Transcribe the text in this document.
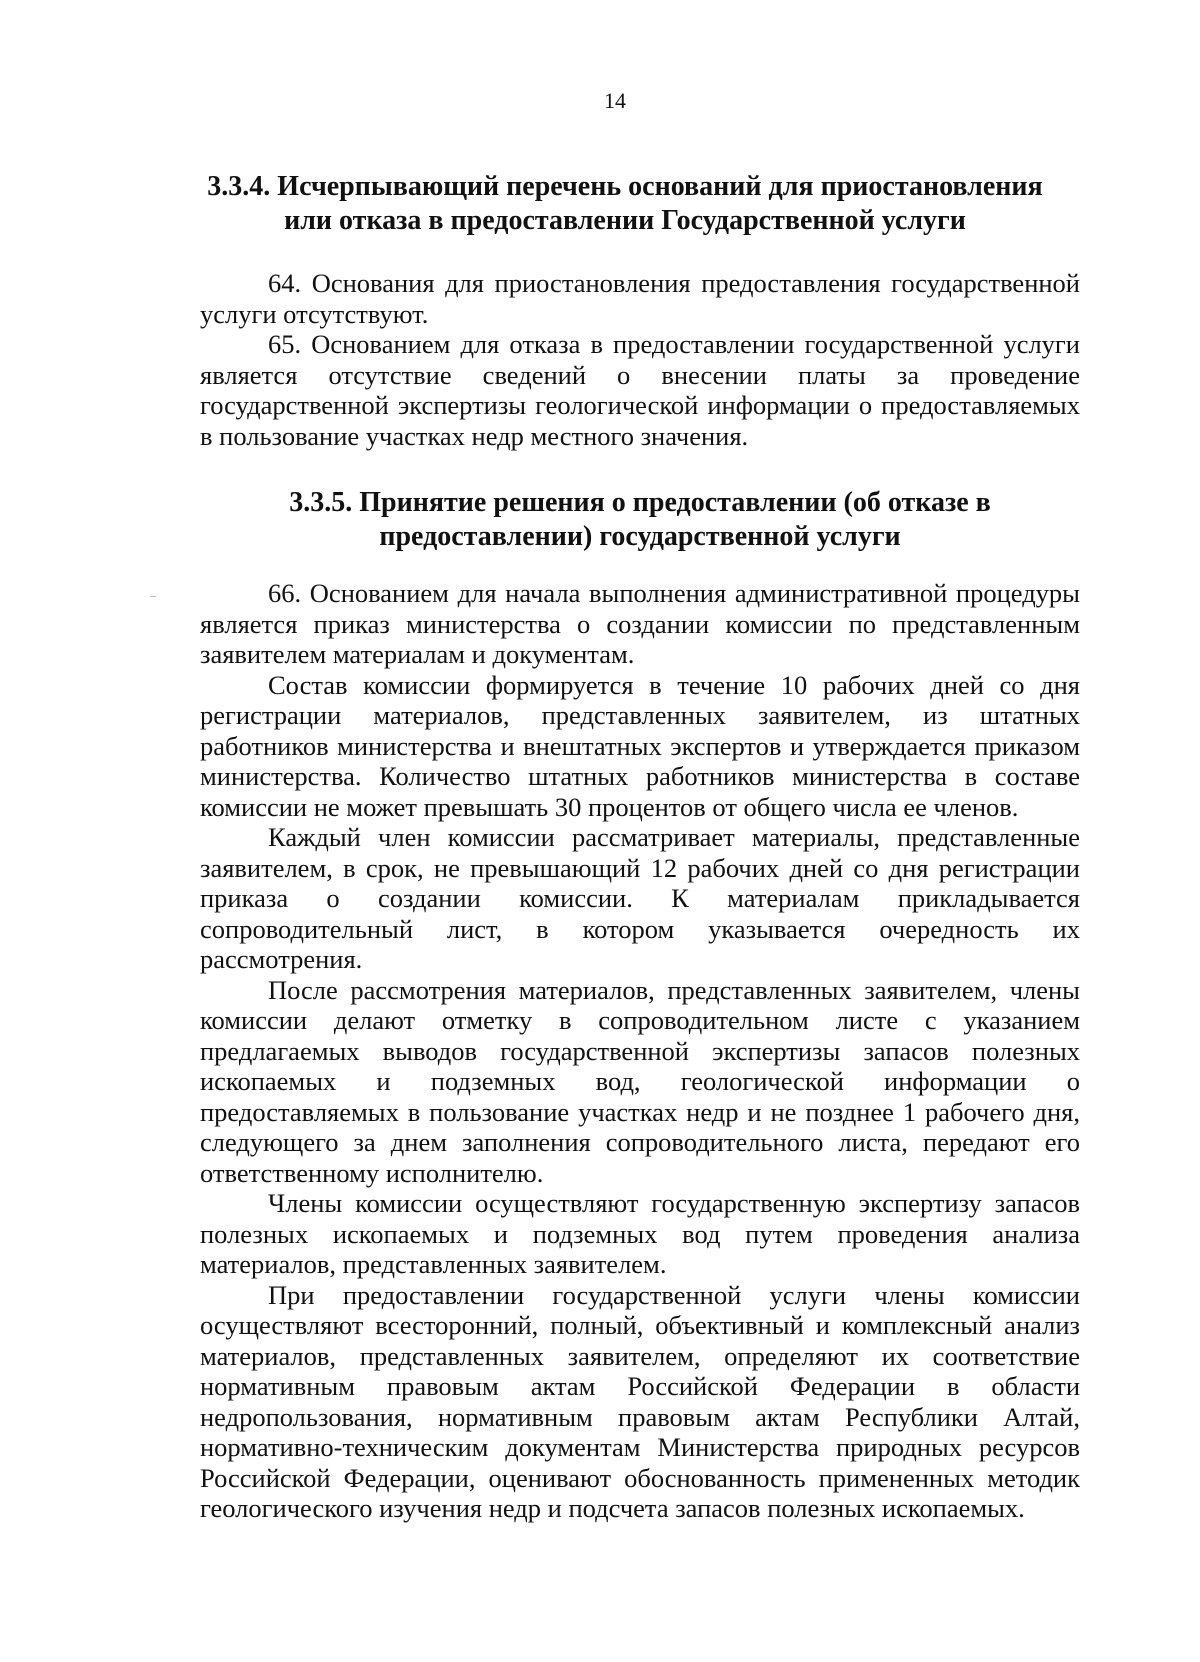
14
3.3.4. Исчерпывающий перечень оснований для приостановления или отказа в предоставлении Государственной услуги

64. Основания для приостановления предоставления государственной услуги отсутствуют.

65. Основанием для отказа в предоставлении государственной услуги является отсутствие сведений о внесении платы за проведение государственной экспертизы геологической информации о предоставляемых в пользование участках недр местного значения.

3.3.5. Принятие решения о предоставлении (об отказе в предоставлении) государственной услуги

66. Основанием для начала выполнения административной процедуры является приказ министерства о создании комиссии по представленным заявителем материалам и документам.

Состав комиссии формируется в течение 10 рабочих дней со дня регистрации материалов, представленных заявителем, из штатных работников министерства и внештатных экспертов и утверждается приказом министерства. Количество штатных работников министерства в составе комиссии не может превышать 30 процентов от общего числа ее членов.

Каждый член комиссии рассматривает материалы, представленные заявителем, в срок, не превышающий 12 рабочих дней со дня регистрации приказа о создании комиссии. К материалам прикладывается сопроводительный лист, в котором указывается очередность их рассмотрения.

После рассмотрения материалов, представленных заявителем, члены комиссии делают отметку в сопроводительном листе с указанием предлагаемых выводов государственной экспертизы запасов полезных ископаемых и подземных вод, геологической информации о предоставляемых в пользование участках недр и не позднее 1 рабочего дня, следующего за днем заполнения сопроводительного листа, передают его ответственному исполнителю.

Члены комиссии осуществляют государственную экспертизу запасов полезных ископаемых и подземных вод путем проведения анализа материалов, представленных заявителем.

При предоставлении государственной услуги члены комиссии осуществляют всесторонний, полный, объективный и комплексный анализ материалов, представленных заявителем, определяют их соответствие нормативным правовым актам Российской Федерации в области недропользования, нормативным правовым актам Республики Алтай, нормативно-техническим документам Министерства природных ресурсов Российской Федерации, оценивают обоснованность примененных методик геологического изучения недр и подсчета запасов полезных ископаемых.
